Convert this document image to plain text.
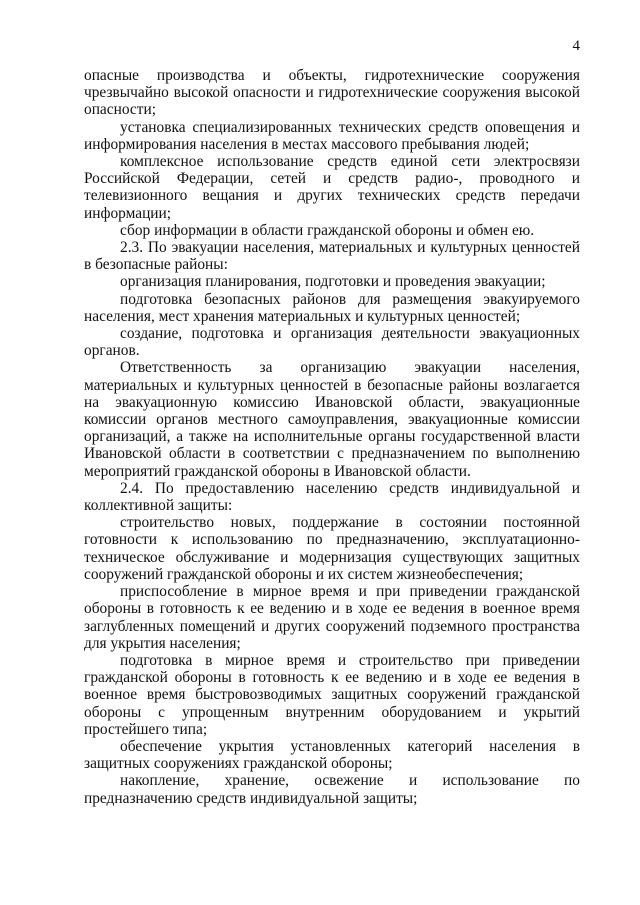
4

опасные производства и объекты, гидротехнические сооружения чрезвычайно высокой опасности и гидротехнические сооружения высокой опасности;

установка специализированных технических средств оповещения и информирования населения в местах массового пребывания людей;

комплексное использование средств единой сети электросвязи Российской Федерации, сетей и средств радио-, проводного и телевизионного вещания и других технических средств передачи информации;

сбор информации в области гражданской обороны и обмен ею.

2.3. По эвакуации населения, материальных и культурных ценностей в безопасные районы:

организация планирования, подготовки и проведения эвакуации;

подготовка безопасных районов для размещения эвакуируемого населения, мест хранения материальных и культурных ценностей;

создание, подготовка и организация деятельности эвакуационных органов.

Ответственность за организацию эвакуации населения, материальных и культурных ценностей в безопасные районы возлагается на эвакуационную комиссию Ивановской области, эвакуационные комиссии органов местного самоуправления, эвакуационные комиссии организаций, а также на исполнительные органы государственной власти Ивановской области в соответствии с предназначением по выполнению мероприятий гражданской обороны в Ивановской области.

2.4. По предоставлению населению средств индивидуальной и коллективной защиты:

строительство новых, поддержание в состоянии постоянной готовности к использованию по предназначению, эксплуатационно-техническое обслуживание и модернизация существующих защитных сооружений гражданской обороны и их систем жизнеобеспечения;

приспособление в мирное время и при приведении гражданской обороны в готовность к ее ведению и в ходе ее ведения в военное время заглубленных помещений и других сооружений подземного пространства для укрытия населения;

подготовка в мирное время и строительство при приведении гражданской обороны в готовность к ее ведению и в ходе ее ведения в военное время быстровозводимых защитных сооружений гражданской обороны с упрощенным внутренним оборудованием и укрытий простейшего типа;

обеспечение укрытия установленных категорий населения в защитных сооружениях гражданской обороны;

накопление, хранение, освежение и использование по предназначению средств индивидуальной защиты;
